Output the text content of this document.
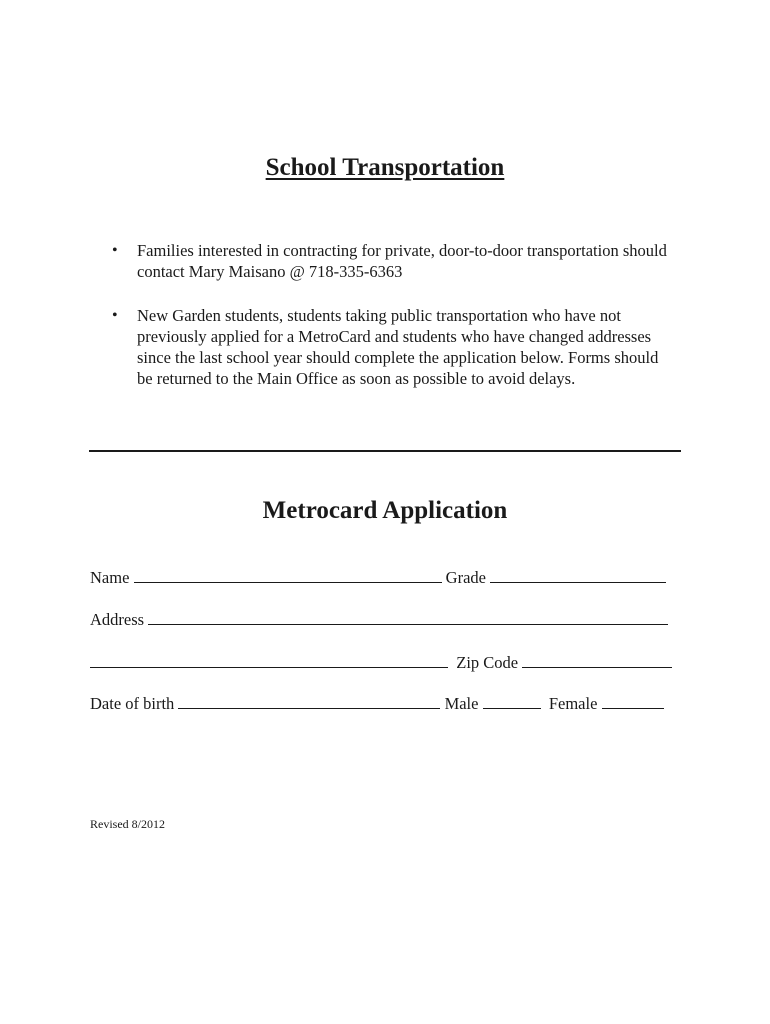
School Transportation
• Families interested in contracting for private, door-to-door transportation should contact Mary Maisano @ 718-335-6363
• New Garden students, students taking public transportation who have not previously applied for a MetroCard and students who have changed addresses since the last school year should complete the application below. Forms should be returned to the Main Office as soon as possible to avoid delays.
Metrocard Application
Name	Grade
Address
Zip Code
Date of birth	Male	Female
Revised 8/2012
